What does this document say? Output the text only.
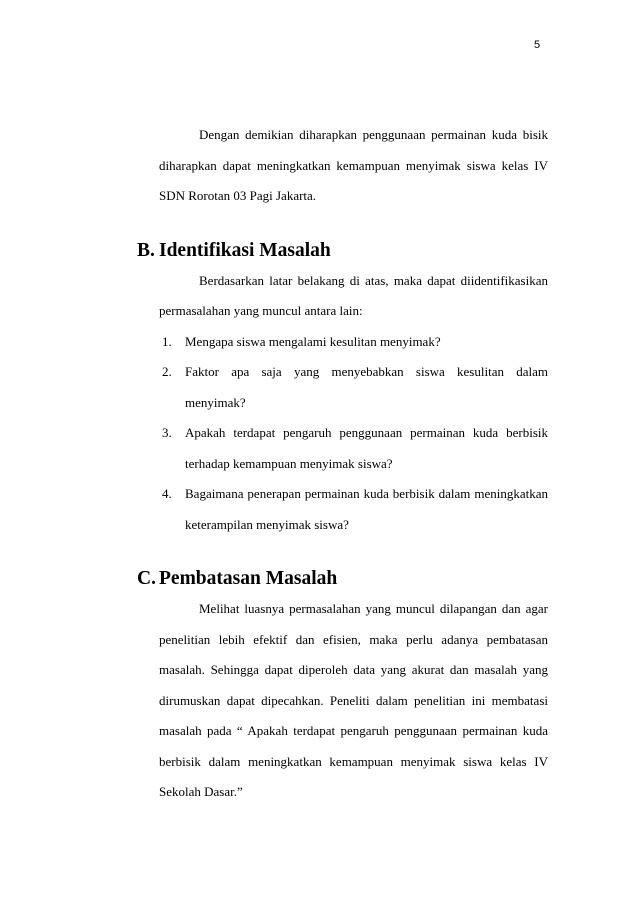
5

Dengan demikian diharapkan penggunaan permainan kuda bisik diharapkan dapat meningkatkan kemampuan menyimak siswa kelas IV SDN Rorotan 03 Pagi Jakarta.

B. Identifikasi Masalah

Berdasarkan latar belakang di atas, maka dapat diidentifikasikan permasalahan yang muncul antara lain:

1.	Mengapa siswa mengalami kesulitan menyimak?
2.	Faktor apa saja yang menyebabkan siswa kesulitan dalam menyimak?
3.	Apakah terdapat pengaruh penggunaan permainan kuda berbisik terhadap kemampuan menyimak siswa?
4.	Bagaimana penerapan permainan kuda berbisik dalam meningkatkan keterampilan menyimak siswa?
C. Pembatasan Masalah

Melihat luasnya permasalahan yang muncul dilapangan dan agar penelitian lebih efektif dan efisien, maka perlu adanya pembatasan masalah. Sehingga dapat diperoleh data yang akurat dan masalah yang dirumuskan dapat dipecahkan. Peneliti dalam penelitian ini membatasi masalah pada “ Apakah terdapat pengaruh penggunaan permainan kuda berbisik dalam meningkatkan kemampuan menyimak siswa kelas IV Sekolah Dasar.”
